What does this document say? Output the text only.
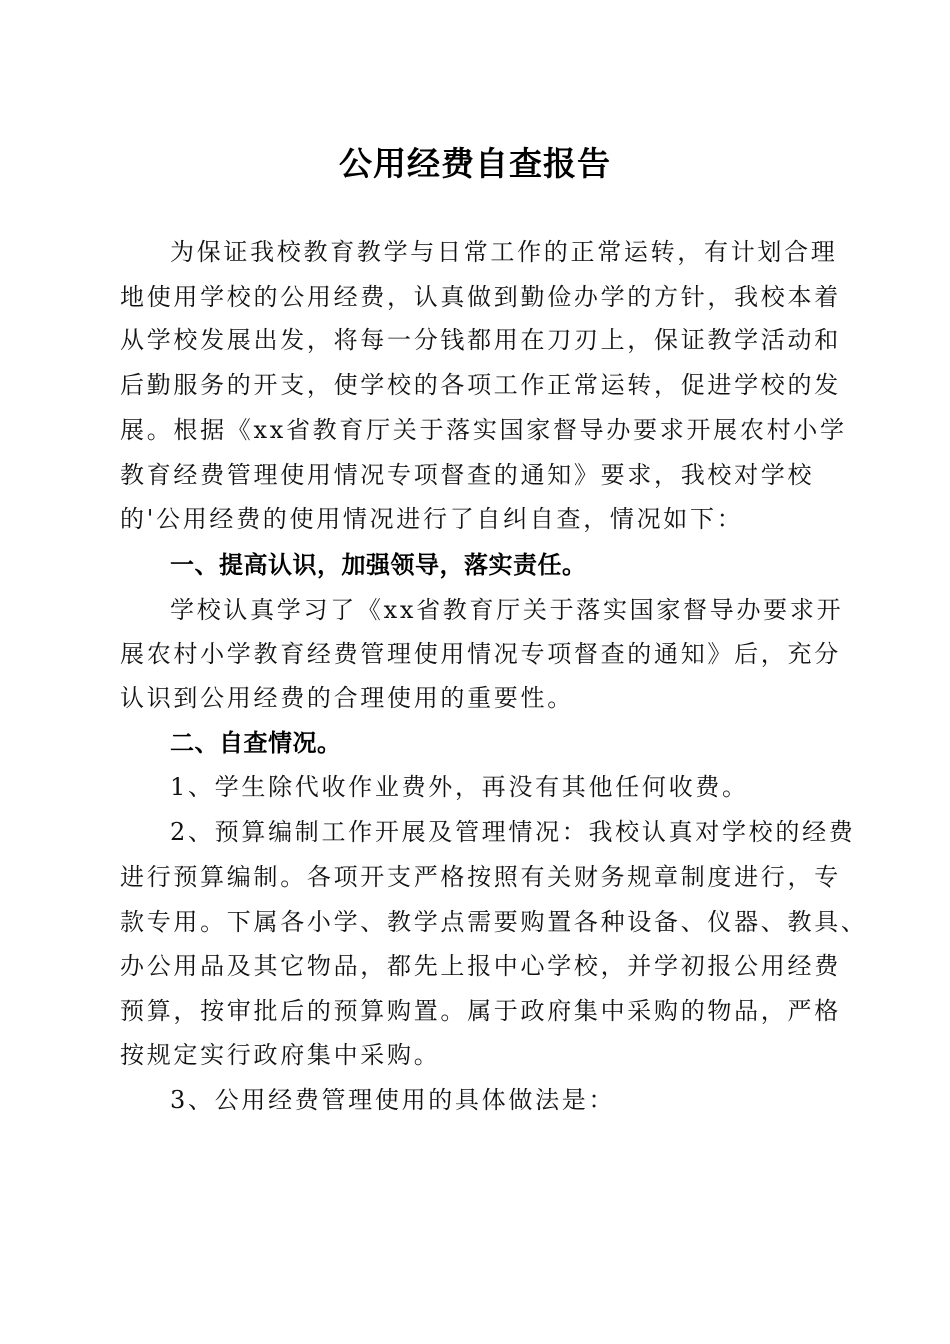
公用经费自查报告
为保证我校教育教学与日常工作的正常运转，有计划合理
地使用学校的公用经费，认真做到勤俭办学的方针，我校本着
从学校发展出发，将每一分钱都用在刀刃上，保证教学活动和
后勤服务的开支，使学校的各项工作正常运转，促进学校的发
展。根据《xx省教育厅关于落实国家督导办要求开展农村小学
教育经费管理使用情况专项督查的通知》要求，我校对学校
的'公用经费的使用情况进行了自纠自查，情况如下：
一、提高认识，加强领导，落实责任。
学校认真学习了《xx省教育厅关于落实国家督导办要求开
展农村小学教育经费管理使用情况专项督查的通知》后，充分
认识到公用经费的合理使用的重要性。
二、自查情况。
1、学生除代收作业费外，再没有其他任何收费。
2、预算编制工作开展及管理情况：我校认真对学校的经费
进行预算编制。各项开支严格按照有关财务规章制度进行，专
款专用。下属各小学、教学点需要购置各种设备、仪器、教具、
办公用品及其它物品，都先上报中心学校，并学初报公用经费
预算，按审批后的预算购置。属于政府集中采购的物品，严格
按规定实行政府集中采购。
3、公用经费管理使用的具体做法是：
